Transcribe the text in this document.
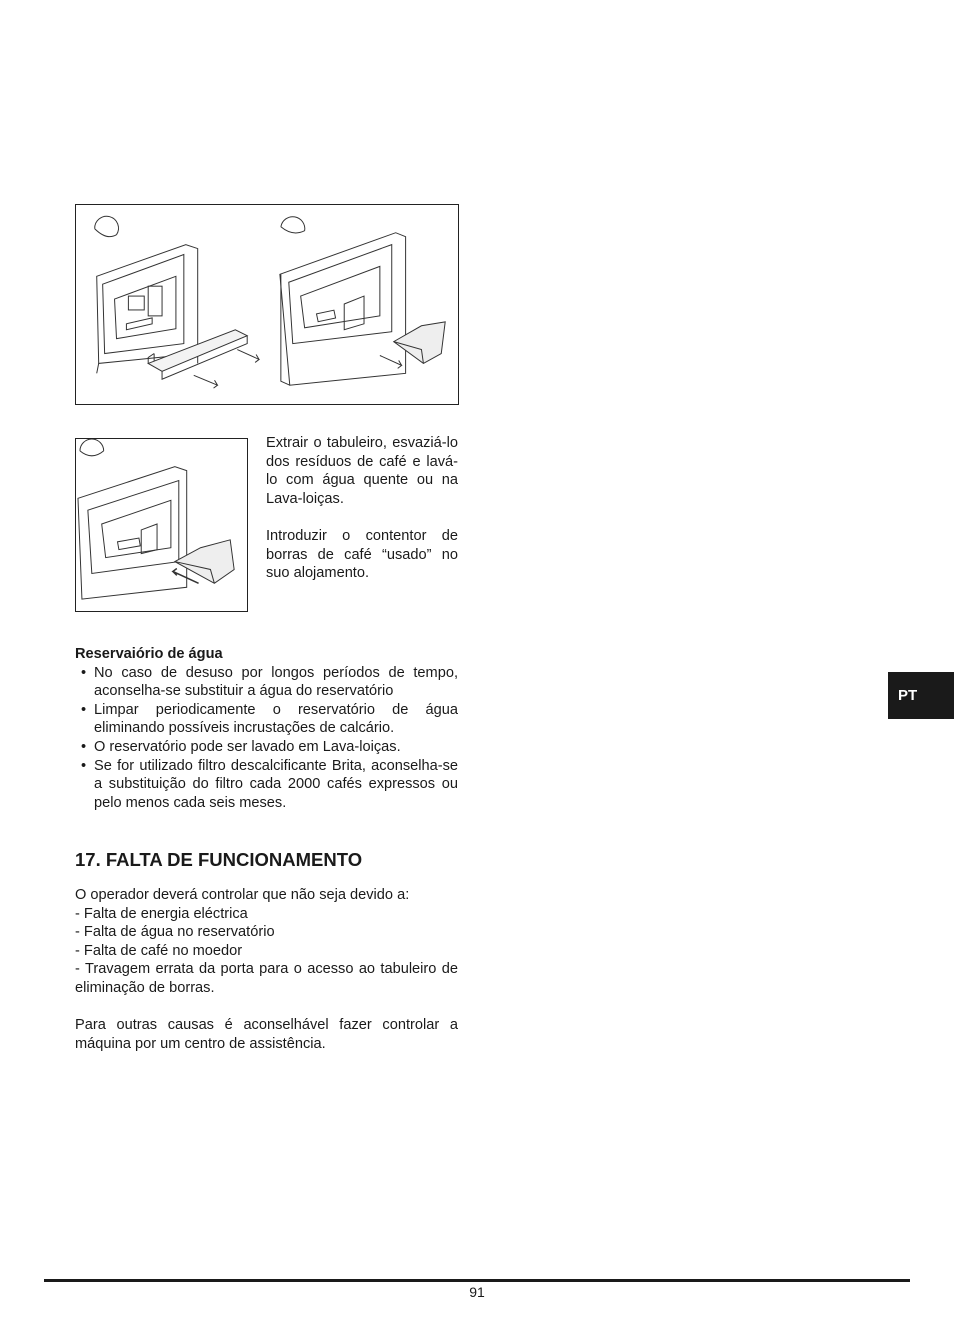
Extrair o tabuleiro, esvaziá-lo dos resíduos de café e lavá-lo com água quente ou na Lava-loiças.

Introduzir o contentor de borras de café “usado” no suo alojamento.

Reservaiório de água
• No caso de desuso por longos períodos de tempo, aconselha-se substituir a água do reservatório
• Limpar periodicamente o reservatório de água eliminando possíveis incrustações de calcário.
• O reservatório pode ser lavado em Lava-loiças.
• Se for utilizado filtro descalcificante Brita, aconselha-se a substituição do filtro cada 2000 cafés expressos ou pelo menos cada seis meses.
17. FALTA DE FUNCIONAMENTO

O operador deverá controlar que não seja devido a:

- Falta de energia eléctrica

- Falta de água no reservatório

- Falta de café no moedor

- Travagem errata da porta para o acesso ao tabuleiro de eliminação de borras.

Para outras causas é aconselhável fazer controlar a máquina por um centro de assistência.

PT
91
